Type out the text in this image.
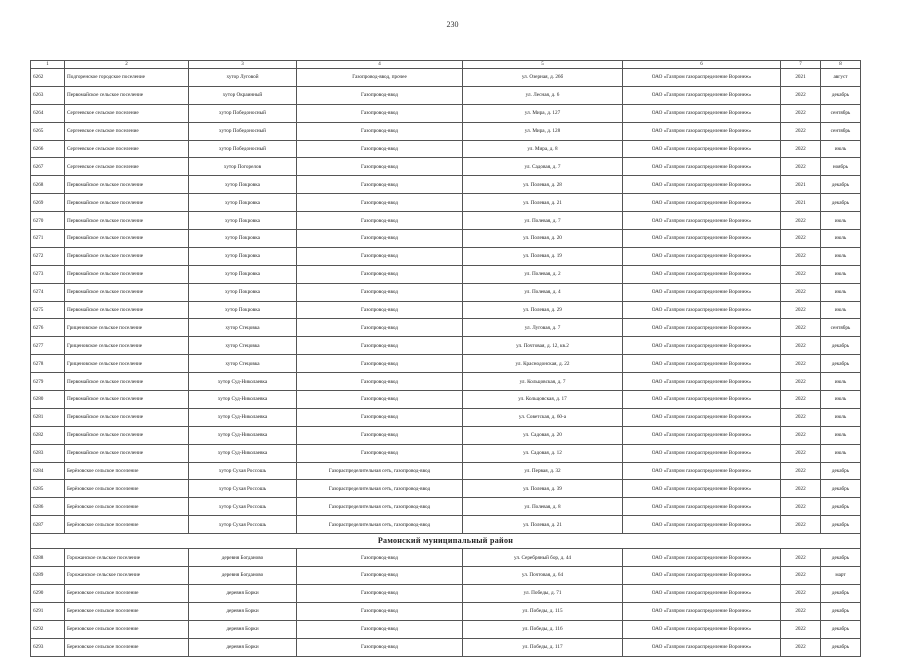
230
1	2	3	4	5	6	7	8
6262	Подгоренское городское поселение	хутор Луговой	Газопровод-ввод, прочее	ул. Озерная, д. 26б	ОАО «Газпром газораспределение Воронеж»	2021	август
6263	Первомайское сельское поселение	хутор Окраинный	Газопровод-ввод	ул. Лесная, д. 6	ОАО «Газпром газораспределение Воронеж»	2022	декабрь
6264	Сергеевское сельское поселение	хутор Победоносный	Газопровод-ввод	ул. Мира, д. 127	ОАО «Газпром газораспределение Воронеж»	2022	сентябрь
6265	Сергеевское сельское поселение	хутор Победоносный	Газопровод-ввод	ул. Мира, д. 128	ОАО «Газпром газораспределение Воронеж»	2022	сентябрь
6266	Сергеевское сельское поселение	хутор Победоносный	Газопровод-ввод	ул. Мира, д. 8	ОАО «Газпром газораспределение Воронеж»	2022	июль
6267	Сергеевское сельское поселение	хутор Погорелов	Газопровод-ввод	ул. Садовая, д. 7	ОАО «Газпром газораспределение Воронеж»	2022	ноябрь
6268	Первомайское сельское поселение	хутор Покровка	Газопровод-ввод	ул. Полевая, д. 28	ОАО «Газпром газораспределение Воронеж»	2021	декабрь
6269	Первомайское сельское поселение	хутор Покровка	Газопровод-ввод	ул. Полевая, д. 21	ОАО «Газпром газораспределение Воронеж»	2021	декабрь
6270	Первомайское сельское поселение	хутор Покровка	Газопровод-ввод	ул. Полевая, д. 7	ОАО «Газпром газораспределение Воронеж»	2022	июль
6271	Первомайское сельское поселение	хутор Покровка	Газопровод-ввод	ул. Полевая, д. 20	ОАО «Газпром газораспределение Воронеж»	2022	июль
6272	Первомайское сельское поселение	хутор Покровка	Газопровод-ввод	ул. Полевая, д. 19	ОАО «Газпром газораспределение Воронеж»	2022	июль
6273	Первомайское сельское поселение	хутор Покровка	Газопровод-ввод	ул. Полевая, д. 2	ОАО «Газпром газораспределение Воронеж»	2022	июль
6274	Первомайское сельское поселение	хутор Покровка	Газопровод-ввод	ул. Полевая, д. 4	ОАО «Газпром газораспределение Воронеж»	2022	июль
6275	Первомайское сельское поселение	хутор Покровка	Газопровод-ввод	ул. Полевая, д. 29	ОАО «Газпром газораспределение Воронеж»	2022	июль
6276	Гриценовское сельское поселение	хутор Стецовка	Газопровод-ввод	ул. Луговая, д. 7	ОАО «Газпром газораспределение Воронеж»	2022	сентябрь
6277	Гриценовское сельское поселение	хутор Стецовка	Газопровод-ввод	ул. Почтовая, д. 12, кв.2	ОАО «Газпром газораспределение Воронеж»	2022	декабрь
6278	Гриценовское сельское поселение	хутор Стецовка	Газопровод-ввод	ул. Краснодонская, д. 22	ОАО «Газпром газораспределение Воронеж»	2022	декабрь
6279	Первомайское сельское поселение	хутор Суд-Николаевка	Газопровод-ввод	ул. Кольцовская, д. 7	ОАО «Газпром газораспределение Воронеж»	2022	июль
6280	Первомайское сельское поселение	хутор Суд-Николаевка	Газопровод-ввод	ул. Кольцовская, д. 17	ОАО «Газпром газораспределение Воронеж»	2022	июль
6281	Первомайское сельское поселение	хутор Суд-Николаевка	Газопровод-ввод	ул. Советская, д. 60-а	ОАО «Газпром газораспределение Воронеж»	2022	июль
6282	Первомайское сельское поселение	хутор Суд-Николаевка	Газопровод-ввод	ул. Садовая, д. 20	ОАО «Газпром газораспределение Воронеж»	2022	июль
6283	Первомайское сельское поселение	хутор Суд-Николаевка	Газопровод-ввод	ул. Садовая, д. 12	ОАО «Газпром газораспределение Воронеж»	2022	июль
6284	Берёзовское сельское поселение	хутор Сухая Россошь	Газораспределительная сеть, газопровод-ввод	ул. Первая, д. 32	ОАО «Газпром газораспределение Воронеж»	2022	декабрь
6285	Берёзовское сельское поселение	хутор Сухая Россошь	Газораспределительная сеть, газопровод-ввод	ул. Полевая, д. 39	ОАО «Газпром газораспределение Воронеж»	2022	декабрь
6286	Берёзовское сельское поселение	хутор Сухая Россошь	Газораспределительная сеть, газопровод-ввод	ул. Полевая, д. 8	ОАО «Газпром газораспределение Воронеж»	2022	декабрь
6287	Берёзовское сельское поселение	хутор Сухая Россошь	Газораспределительная сеть, газопровод-ввод	ул. Полевая, д. 21	ОАО «Газпром газораспределение Воронеж»	2022	декабрь
Рамонский муниципальный район							
6288	Горожанское сельское поселение	деревня Богданово	Газопровод-ввод	ул. Серебряный бор, д. 44	ОАО «Газпром газораспределение Воронеж»	2022	декабрь
6289	Горожанское сельское поселение	деревня Богданово	Газопровод-ввод	ул. Почтовая, д. 64	ОАО «Газпром газораспределение Воронеж»	2022	март
6290	Березовское сельское поселение	деревня Борки	Газопровод-ввод	ул. Победы, д. 71	ОАО «Газпром газораспределение Воронеж»	2022	декабрь
6291	Березовское сельское поселение	деревня Борки	Газопровод-ввод	ул. Победы, д. 115	ОАО «Газпром газораспределение Воронеж»	2022	декабрь
6292	Березовское сельское поселение	деревня Борки	Газопровод-ввод	ул. Победы, д. 116	ОАО «Газпром газораспределение Воронеж»	2022	декабрь
6293	Березовское сельское поселение	деревня Борки	Газопровод-ввод	ул. Победы, д. 117	ОАО «Газпром газораспределение Воронеж»	2022	декабрь
